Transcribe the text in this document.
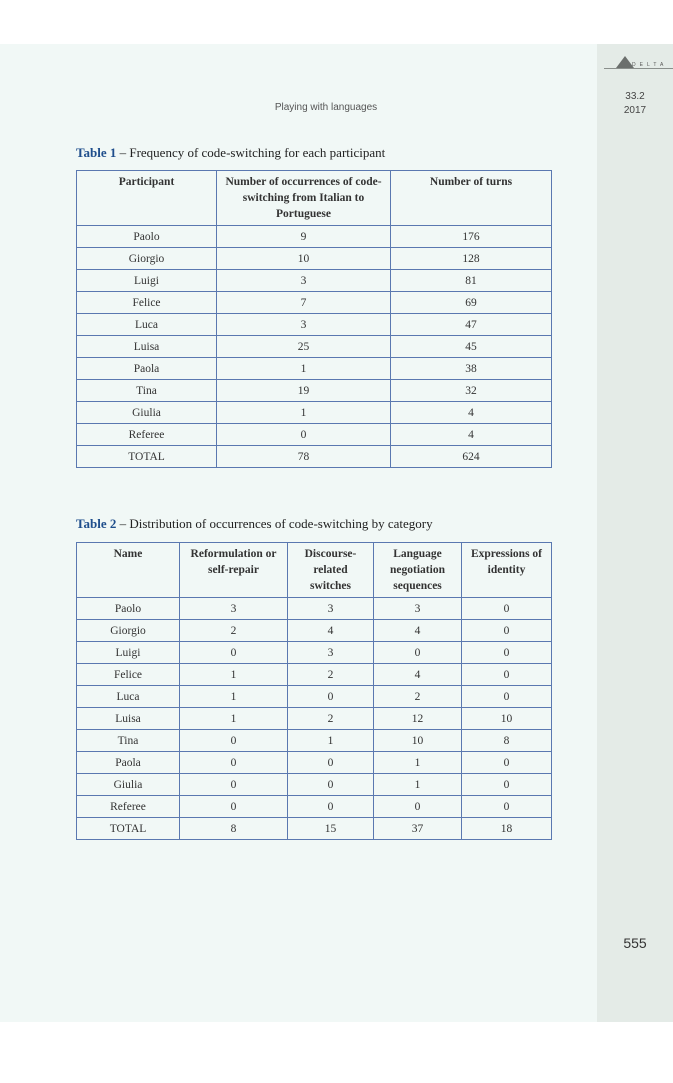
DELTA
33.2
2017
Playing with languages
Table 1 – Frequency of code-switching for each participant
Participant	Number of occurrences of code-switching from Italian to Portuguese	Number of turns
Paolo	9	176
Giorgio	10	128
Luigi	3	81
Felice	7	69
Luca	3	47
Luisa	25	45
Paola	1	38
Tina	19	32
Giulia	1	4
Referee	0	4
TOTAL	78	624
Table 2 – Distribution of occurrences of code-switching by category
Name	Reformulation or self-repair	Discourse-related switches	Language negotiation sequences	Expressions of identity
Paolo	3	3	3	0
Giorgio	2	4	4	0
Luigi	0	3	0	0
Felice	1	2	4	0
Luca	1	0	2	0
Luisa	1	2	12	10
Tina	0	1	10	8
Paola	0	0	1	0
Giulia	0	0	1	0
Referee	0	0	0	0
TOTAL	8	15	37	18
555
